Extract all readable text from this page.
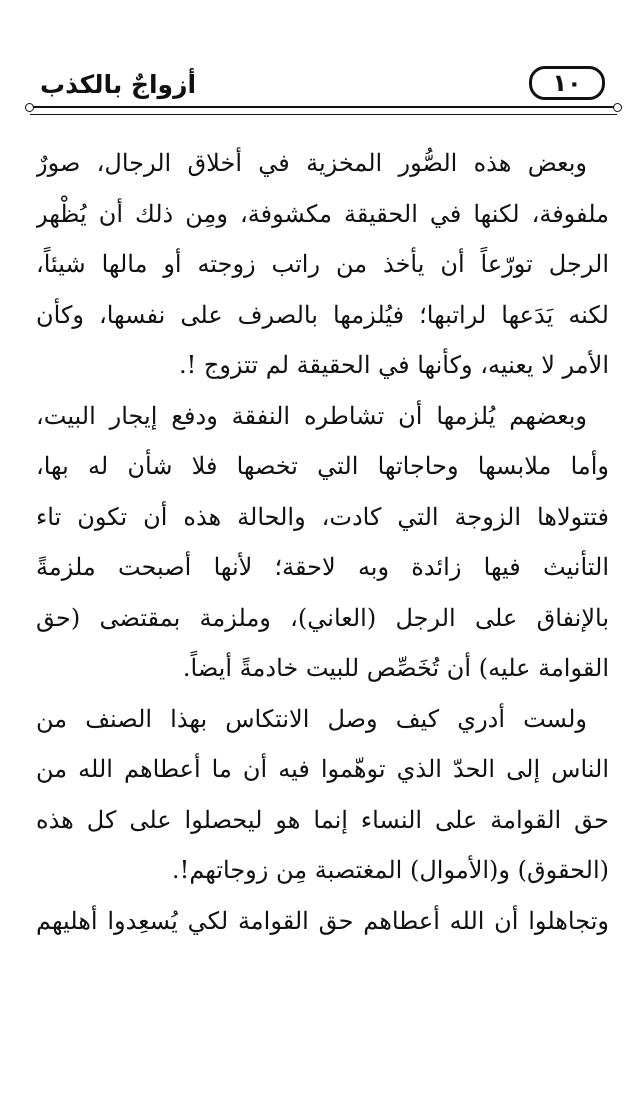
أزواجٌ بالكذب	١٠
وبعض هذه الصُّور المخزية في أخلاق الرجال، صورٌ
ملفوفة، لكنها في الحقيقة مكشوفة، ومِن ذلك أن يُظْهر
الرجل تورّعاً أن يأخذ من راتب زوجته أو مالها شيئاً،
لكنه يَدَعها لراتبها؛ فيُلزمها بالصرف على نفسها، وكأن
الأمر لا يعنيه، وكأنها في الحقيقة لم تتزوج !.
وبعضهم يُلزمها أن تشاطره النفقة ودفع إيجار البيت،
وأما ملابسها وحاجاتها التي تخصها فلا شأن له بها،
فتتولاها الزوجة التي كادت، والحالة هذه أن تكون تاء
التأنيث فيها زائدة وبه لاحقة؛ لأنها أصبحت ملزمةً
بالإنفاق على الرجل (العاني)، وملزمة بمقتضى (حق
القوامة عليه) أن تُخَصِّص للبيت خادمةً أيضاً.
ولست أدري كيف وصل الانتكاس بهذا الصنف من
الناس إلى الحدّ الذي توهّموا فيه أن ما أعطاهم الله من
حق القوامة على النساء إنما هو ليحصلوا على كل هذه
(الحقوق) و(الأموال) المغتصبة مِن زوجاتهم!.
وتجاهلوا أن الله أعطاهم حق القوامة لكي يُسعِدوا أهليهم
